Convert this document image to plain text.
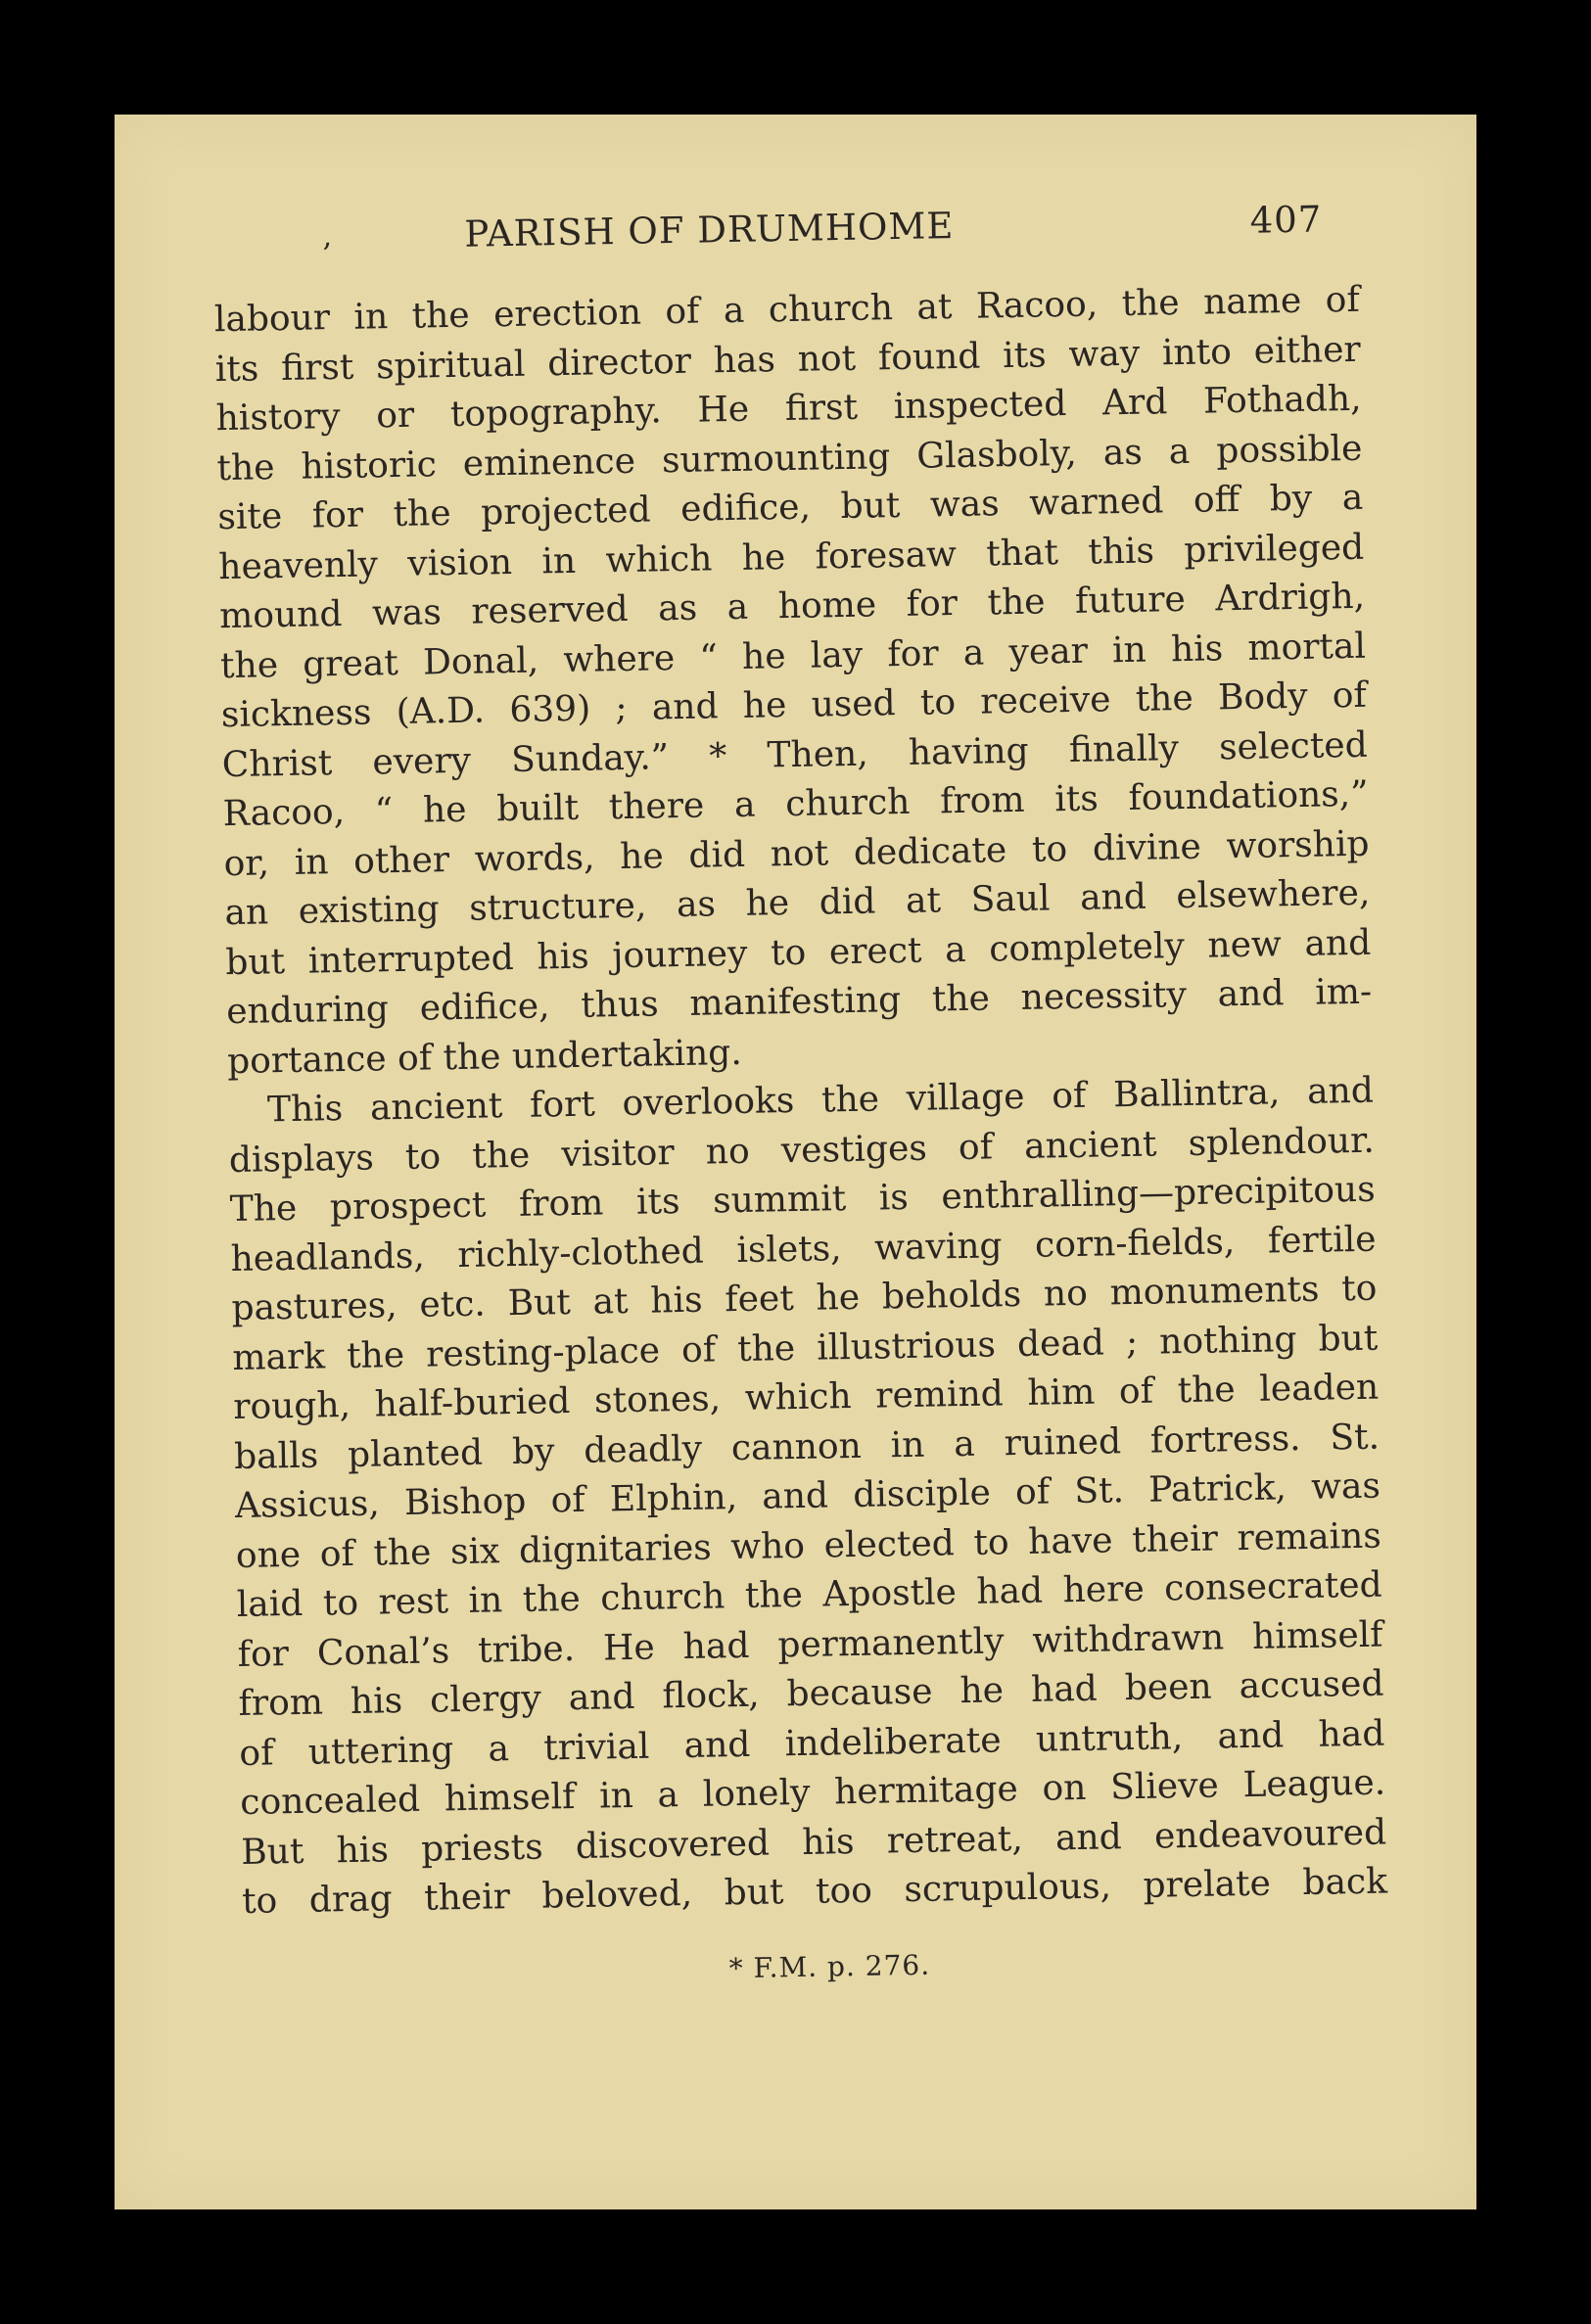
,	PARISH OF DRUMHOME	407
labour in the erection of a church at Racoo, the name of
its first spiritual director has not found its way into either
history or topography. He first inspected Ard Fothadh,
the historic eminence surmounting Glasboly, as a possible
site for the projected edifice, but was warned off by a
heavenly vision in which he foresaw that this privileged
mound was reserved as a home for the future Ardrigh,
the great Donal, where “ he lay for a year in his mortal
sickness (A.D. 639) ; and he used to receive the Body of
Christ every Sunday.” * Then, having finally selected
Racoo, “ he built there a church from its foundations,”
or, in other words, he did not dedicate to divine worship
an existing structure, as he did at Saul and elsewhere,
but interrupted his journey to erect a completely new and
enduring edifice, thus manifesting the necessity and im-
portance of the undertaking.
This ancient fort overlooks the village of Ballintra, and
displays to the visitor no vestiges of ancient splendour.
The prospect from its summit is enthralling—precipitous
headlands, richly-clothed islets, waving corn-fields, fertile
pastures, etc. But at his feet he beholds no monuments to
mark the resting-place of the illustrious dead ; nothing but
rough, half-buried stones, which remind him of the leaden
balls planted by deadly cannon in a ruined fortress. St.
Assicus, Bishop of Elphin, and disciple of St. Patrick, was
one of the six dignitaries who elected to have their remains
laid to rest in the church the Apostle had here consecrated
for Conal’s tribe. He had permanently withdrawn himself
from his clergy and flock, because he had been accused
of uttering a trivial and indeliberate untruth, and had
concealed himself in a lonely hermitage on Slieve League.
But his priests discovered his retreat, and endeavoured
to drag their beloved, but too scrupulous, prelate back
* F.M. p. 276.
